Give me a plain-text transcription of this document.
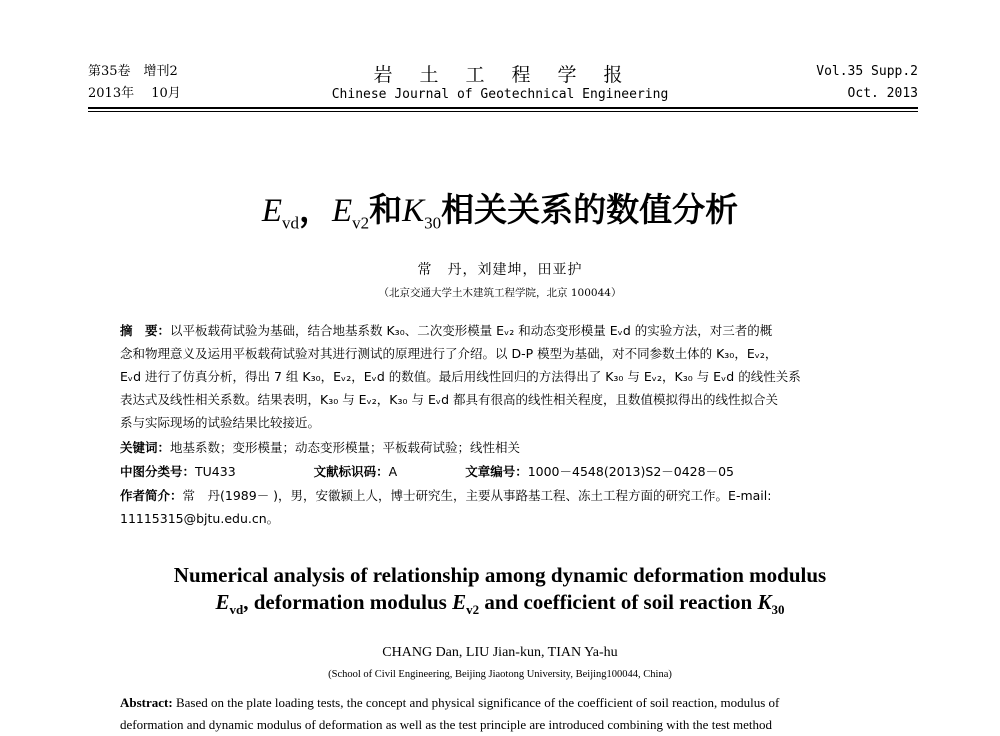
第35卷　增刊2
2013年　 10月
岩　土　工　程　学　报
Chinese Journal of Geotechnical Engineering
Vol.35 Supp.2
Oct. 2013
$E_{vd}$，$E_{v2}$和$K_{30}$相关关系的数值分析
常　丹，刘建坤，田亚护
（北京交通大学土木建筑工程学院，北京 100044）
摘　要：以平板载荷试验为基础，结合地基系数 K₃₀、二次变形模量 Eᵥ₂ 和动态变形模量 Eᵥd 的实验方法，对三者的概
念和物理意义及运用平板载荷试验对其进行测试的原理进行了介绍。以 D-P 模型为基础，对不同参数土体的 K₃₀，Eᵥ₂，
Eᵥd 进行了仿真分析，得出 7 组 K₃₀，Eᵥ₂，Eᵥd 的数值。最后用线性回归的方法得出了 K₃₀ 与 Eᵥ₂，K₃₀ 与 Eᵥd 的线性关系
表达式及线性相关系数。结果表明，K₃₀ 与 Eᵥ₂，K₃₀ 与 Eᵥd 都具有很高的线性相关程度，且数值模拟得出的线性拟合关
系与实际现场的试验结果比较接近。
关键词：地基系数；变形模量；动态变形模量；平板载荷试验；线性相关
中图分类号：TU433	文献标识码：A	文章编号：1000－4548(2013)S2－0428－05
作者简介：常　丹(1989－ )，男，安徽颍上人，博士研究生，主要从事路基工程、冻土工程方面的研究工作。E-mail:
11115315@bjtu.edu.cn。
Numerical analysis of relationship among dynamic deformation modulus
$E_{vd}$, deformation modulus $E_{v2}$ and coefficient of soil reaction $K_{30}$
CHANG Dan, LIU Jian-kun, TIAN Ya-hu
(School of Civil Engineering, Beijing Jiaotong University, Beijing100044, China)
Abstract: Based on the plate loading tests, the concept and physical significance of the coefficient of soil reaction, modulus of
deformation and dynamic modulus of deformation as well as the test principle are introduced combining with the test method
